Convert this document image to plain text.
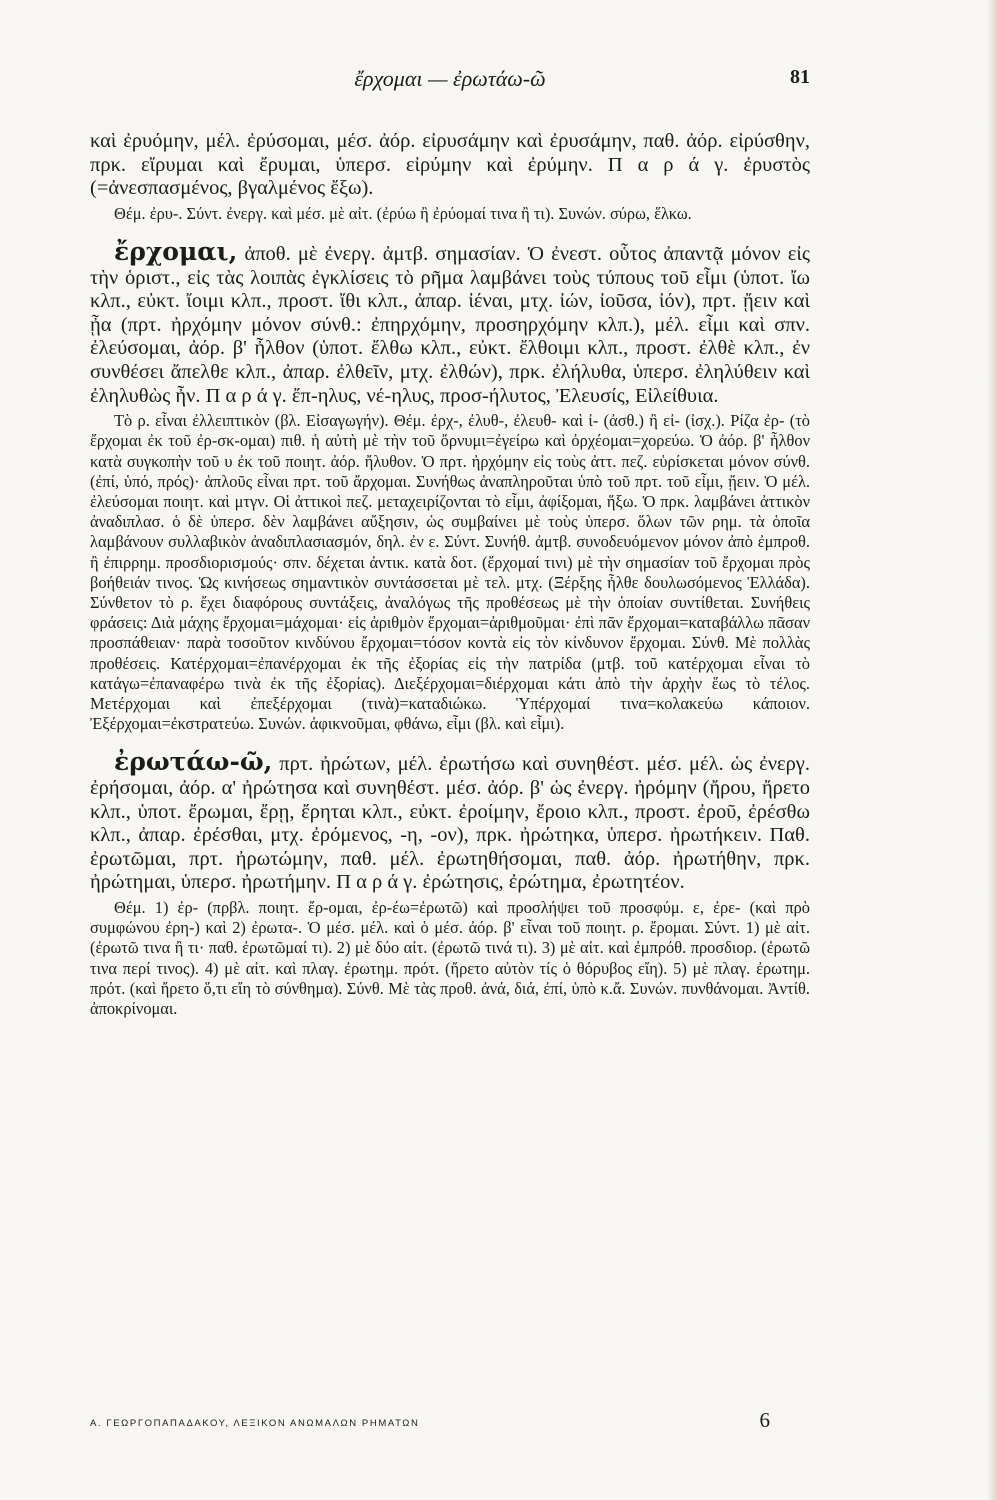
ἔρχομαι — ἐρωτάω-ῶ	81

καὶ ἐρυόμην, μέλ. ἐρύσομαι, μέσ. ἀόρ. εἰρυσάμην καὶ ἐρυσάμην, παθ. ἀόρ. εἰρύσθην, πρκ. εἴρυμαι καὶ ἔρυμαι, ὑπερσ. εἰρύμην καὶ ἐρύμην. Π α ρ ά γ. ἐρυστὸς (=ἀνεσπασμένος, βγαλμένος ἔξω).

Θέμ. ἐρυ-. Σύντ. ἐνεργ. καὶ μέσ. μὲ αἰτ. (ἐρύω ἢ ἐρύομαί τινα ἢ τι). Συνών. σύρω, ἕλκω.

ἔρχομαι, ἀποθ. μὲ ἐνεργ. ἀμτβ. σημασίαν. Ὁ ἐνεστ. οὗτος ἀπαντᾷ μόνον εἰς τὴν ὁριστ., εἰς τὰς λοιπὰς ἐγκλίσεις τὸ ρῆμα λαμβάνει τοὺς τύπους τοῦ εἶμι (ὑποτ. ἴω κλπ., εὐκτ. ἴοιμι κλπ., προστ. ἴθι κλπ., ἀπαρ. ἰέναι, μτχ. ἰών, ἰοῦσα, ἰόν), πρτ. ᾔειν καὶ ᾖα (πρτ. ἠρχόμην μόνον σύνθ.: ἐπηρχόμην, προσηρχόμην κλπ.), μέλ. εἶμι καὶ σπν. ἐλεύσομαι, ἀόρ. β' ἦλθον (ὑποτ. ἔλθω κλπ., εὐκτ. ἔλθοιμι κλπ., προστ. ἐλθὲ κλπ., ἐν συνθέσει ἄπελθε κλπ., ἀπαρ. ἐλθεῖν, μτχ. ἐλθών), πρκ. ἐλήλυθα, ὑπερσ. ἐληλύθειν καὶ ἐληλυθὼς ἦν. Π α ρ ά γ. ἔπ-ηλυς, νέ-ηλυς, προσ-ήλυτος, Ἐλευσίς, Εἰλείθυια.

Τὸ ρ. εἶναι ἐλλειπτικὸν (βλ. Εἰσαγωγήν). Θέμ. ἐρχ-, ἐλυθ-, ἐλευθ- καὶ ἰ- (ἀσθ.) ἢ εἰ- (ἰσχ.). Ρίζα ἐρ- (τὸ ἔρχομαι ἐκ τοῦ ἐρ-σκ-ομαι) πιθ. ἡ αὐτὴ μὲ τὴν τοῦ ὄρνυμι=ἐγείρω καὶ ὀρχέομαι=χορεύω. Ὁ ἀόρ. β' ἦλθον κατὰ συγκοπὴν τοῦ υ ἐκ τοῦ ποιητ. ἀόρ. ἤλυθον. Ὁ πρτ. ἠρχόμην εἰς τοὺς ἀττ. πεζ. εὑρίσκεται μόνον σύνθ. (ἐπί, ὑπό, πρός)· ἁπλοῦς εἶναι πρτ. τοῦ ἄρχομαι. Συνήθως ἀναπληροῦται ὑπὸ τοῦ πρτ. τοῦ εἶμι, ᾔειν. Ὁ μέλ. ἐλεύσομαι ποιητ. καὶ μτγν. Οἱ ἀττικοὶ πεζ. μεταχειρίζονται τὸ εἶμι, ἀφίξομαι, ἥξω. Ὁ πρκ. λαμβάνει ἀττικὸν ἀναδιπλασ. ὁ δὲ ὑπερσ. δὲν λαμβάνει αὔξησιν, ὡς συμβαίνει μὲ τοὺς ὑπερσ. ὅλων τῶν ρημ. τὰ ὁποῖα λαμβάνουν συλλαβικὸν ἀναδιπλασιασμόν, δηλ. ἐν ε. Σύντ. Συνήθ. ἀμτβ. συνοδευόμενον μόνον ἀπὸ ἐμπροθ. ἢ ἐπιρρημ. προσδιορισμούς· σπν. δέχεται ἀντικ. κατὰ δοτ. (ἔρχομαί τινι) μὲ τὴν σημασίαν τοῦ ἔρχομαι πρὸς βοήθειάν τινος. Ὡς κινήσεως σημαντικὸν συντάσσεται μὲ τελ. μτχ. (Ξέρξης ἦλθε δουλωσόμενος Ἑλλάδα). Σύνθετον τὸ ρ. ἔχει διαφόρους συντάξεις, ἀναλόγως τῆς προθέσεως μὲ τὴν ὁποίαν συντίθεται. Συνήθεις φράσεις: Διὰ μάχης ἔρχομαι=μάχομαι· εἰς ἀριθμὸν ἔρχομαι=ἀριθμοῦμαι· ἐπὶ πᾶν ἔρχομαι=καταβάλλω πᾶσαν προσπάθειαν· παρὰ τοσοῦτον κινδύνου ἔρχομαι=τόσον κοντὰ εἰς τὸν κίνδυνον ἔρχομαι. Σύνθ. Μὲ πολλὰς προθέσεις. Κατέρχομαι=ἐπανέρχομαι ἐκ τῆς ἐξορίας εἰς τὴν πατρίδα (μτβ. τοῦ κατέρχομαι εἶναι τὸ κατάγω=ἐπαναφέρω τινὰ ἐκ τῆς ἐξορίας). Διεξέρχομαι=διέρχομαι κάτι ἀπὸ τὴν ἀρχὴν ἕως τὸ τέλος. Μετέρχομαι καὶ ἐπεξέρχομαι (τινὰ)=καταδιώκω. Ὑπέρχομαί τινα=κολακεύω κάποιον. Ἐξέρχομαι=ἐκστρατεύω. Συνών. ἀφικνοῦμαι, φθάνω, εἶμι (βλ. καὶ εἶμι).

ἐρωτάω-ῶ, πρτ. ἠρώτων, μέλ. ἐρωτήσω καὶ συνηθέστ. μέσ. μέλ. ὡς ἐνεργ. ἐρήσομαι, ἀόρ. α' ἠρώτησα καὶ συνηθέστ. μέσ. ἀόρ. β' ὡς ἐνεργ. ἠρόμην (ἤρου, ἤρετο κλπ., ὑποτ. ἔρωμαι, ἔρῃ, ἔρηται κλπ., εὐκτ. ἐροίμην, ἔροιο κλπ., προστ. ἐροῦ, ἐρέσθω κλπ., ἀπαρ. ἐρέσθαι, μτχ. ἐρόμενος, -η, -ον), πρκ. ἠρώτηκα, ὑπερσ. ἠρωτήκειν. Παθ. ἐρωτῶμαι, πρτ. ἠρωτώμην, παθ. μέλ. ἐρωτηθήσομαι, παθ. ἀόρ. ἠρωτήθην, πρκ. ἠρώτημαι, ὑπερσ. ἠρωτήμην. Π α ρ ά γ. ἐρώτησις, ἐρώτημα, ἐρωτητέον.

Θέμ. 1) ἐρ- (πρβλ. ποιητ. ἔρ-ομαι, ἐρ-έω=ἐρωτῶ) καὶ προσλήψει τοῦ προσφύμ. ε, ἐρε- (καὶ πρὸ συμφώνου ἐρη-) καὶ 2) ἐρωτα-. Ὁ μέσ. μέλ. καὶ ὁ μέσ. ἀόρ. β' εἶναι τοῦ ποιητ. ρ. ἔρομαι. Σύντ. 1) μὲ αἰτ. (ἐρωτῶ τινα ἢ τι· παθ. ἐρωτῶμαί τι). 2) μὲ δύο αἰτ. (ἐρωτῶ τινά τι). 3) μὲ αἰτ. καὶ ἐμπρόθ. προσδιορ. (ἐρωτῶ τινα περί τινος). 4) μὲ αἰτ. καὶ πλαγ. ἐρωτημ. πρότ. (ἤρετο αὐτὸν τίς ὁ θόρυβος εἴη). 5) μὲ πλαγ. ἐρωτημ. πρότ. (καὶ ἤρετο ὅ,τι εἴη τὸ σύνθημα). Σύνθ. Μὲ τὰς προθ. ἀνά, διά, ἐπί, ὑπὸ κ.ἄ. Συνών. πυνθάνομαι. Ἀντίθ. ἀποκρίνομαι.

Α. ΓΕΩΡΓΟΠΑΠΑΔΑΚΟΥ, ΛΕΞΙΚΟΝ ΑΝΩΜΑΛΩΝ ΡΗΜΑΤΩΝ	6
